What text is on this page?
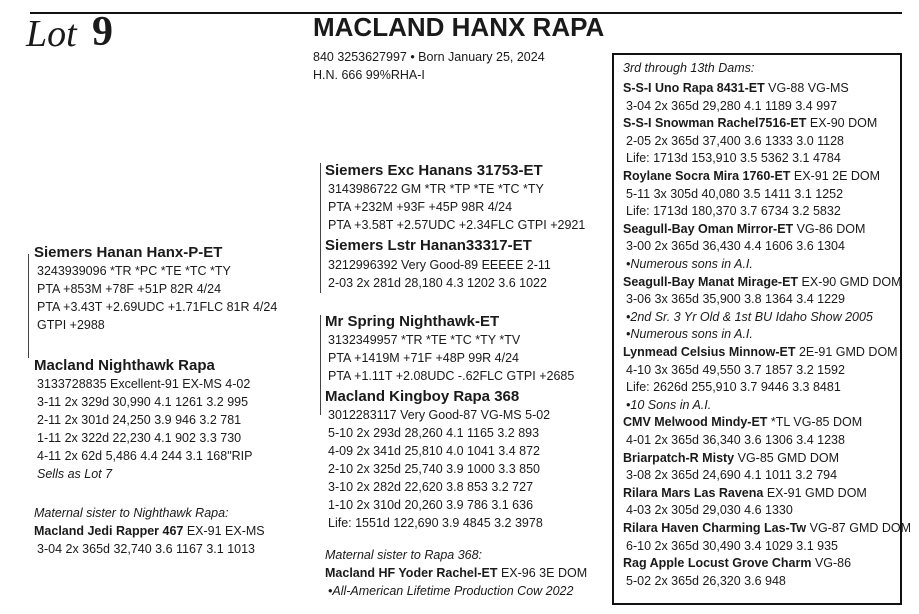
Lot 9	MACLAND HANX RAPA
840 3253627997 • Born January 25, 2024
H.N. 666 99%RHA-I
Siemers Hanan Hanx-P-ET
3243939096 *TR *PC *TE *TC *TY
PTA +853M +78F +51P 82R 4/24
PTA +3.43T +2.69UDC +1.71FLC 81R 4/24
GTPI +2988
Siemers Exc Hanans 31753-ET
3143986722 GM *TR *TP *TE *TC *TY
PTA +232M +93F +45P 98R 4/24
PTA +3.58T +2.57UDC +2.34FLC GTPI +2921
Siemers Lstr Hanan33317-ET
3212996392 Very Good-89 EEEEE 2-11
2-03 2x 281d 28,180 4.3 1202 3.6 1022
Macland Nighthawk Rapa
3133728835 Excellent-91 EX-MS 4-02
3-11 2x 329d 30,990 4.1 1261 3.2 995
2-11 2x 301d 24,250 3.9 946 3.2 781
1-11 2x 322d 22,230 4.1 902 3.3 730
4-11 2x 62d 5,486 4.4 244 3.1 168"RIP
Sells as Lot 7
Mr Spring Nighthawk-ET
3132349957 *TR *TE *TC *TY *TV
PTA +1419M +71F +48P 99R 4/24
PTA +1.11T +2.08UDC -.62FLC GTPI +2685
Macland Kingboy Rapa 368
3012283117 Very Good-87 VG-MS 5-02
5-10 2x 293d 28,260 4.1 1165 3.2 893
4-09 2x 341d 25,810 4.0 1041 3.4 872
2-10 2x 325d 25,740 3.9 1000 3.3 850
3-10 2x 282d 22,620 3.8 853 3.2 727
1-10 2x 310d 20,260 3.9 786 3.1 636
Life: 1551d 122,690 3.9 4845 3.2 3978
Maternal sister to Nighthawk Rapa:
Macland Jedi Rapper 467 EX-91 EX-MS
3-04 2x 365d 32,740 3.6 1167 3.1 1013	Maternal sister to Rapa 368:
Macland HF Yoder Rachel-ET EX-96 3E DOM
•All-American Lifetime Production Cow 2022
3rd through 13th Dams:
S-S-I Uno Rapa 8431-ET VG-88 VG-MS
3-04 2x 365d 29,280 4.1 1189 3.4 997
S-S-I Snowman Rachel7516-ET EX-90 DOM
2-05 2x 365d 37,400 3.6 1333 3.0 1128
Life: 1713d 153,910 3.5 5362 3.1 4784
Roylane Socra Mira 1760-ET EX-91 2E DOM
5-11 3x 305d 40,080 3.5 1411 3.1 1252
Life: 1713d 180,370 3.7 6734 3.2 5832
Seagull-Bay Oman Mirror-ET VG-86 DOM
3-00 2x 365d 36,430 4.4 1606 3.6 1304
•Numerous sons in A.I.
Seagull-Bay Manat Mirage-ET EX-90 GMD DOM
3-06 3x 365d 35,900 3.8 1364 3.4 1229
•2nd Sr. 3 Yr Old & 1st BU Idaho Show 2005
•Numerous sons in A.I.
Lynmead Celsius Minnow-ET 2E-91 GMD DOM
4-10 3x 365d 49,550 3.7 1857 3.2 1592
Life: 2626d 255,910 3.7 9446 3.3 8481
•10 Sons in A.I.
CMV Melwood Mindy-ET *TL VG-85 DOM
4-01 2x 365d 36,340 3.6 1306 3.4 1238
Briarpatch-R Misty VG-85 GMD DOM
3-08 2x 365d 24,690 4.1 1011 3.2 794
Rilara Mars Las Ravena EX-91 GMD DOM
4-03 2x 305d 29,030 4.6 1330
Rilara Haven Charming Las-Tw VG-87 GMD DOM
6-10 2x 365d 30,490 3.4 1029 3.1 935
Rag Apple Locust Grove Charm VG-86
5-02 2x 365d 26,320 3.6 948
